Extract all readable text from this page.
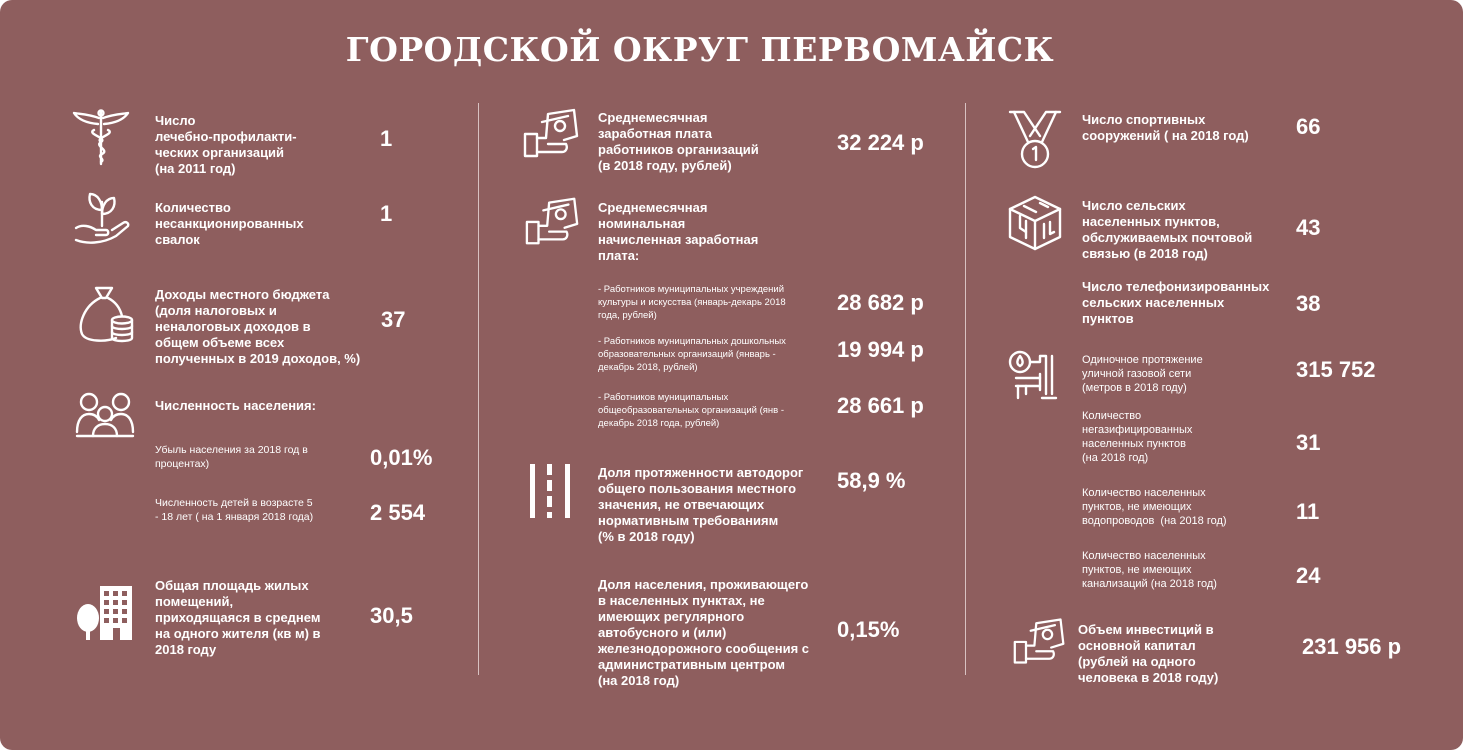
ГОРОДСКОЙ ОКРУГ ПЕРВОМАЙСК
Число
лечебно-профилакти-
ческих организаций
(на 2011 год)
1
Количество
несанкционированных
свалок
1
Доходы местного бюджета
(доля налоговых и
неналоговых доходов в
общем объеме всех
полученных в 2019 доходов, %)
37
Численность населения:
Убыль населения за 2018 год в
процентах)	0,01%
Численность детей в возрасте 5
- 18 лет ( на 1 января 2018 года)	2 554
Общая площадь жилых
помещений,
приходящаяся в среднем
на одного жителя (кв м) в
2018 году
30,5
Среднемесячная
заработная плата
работников организаций
(в 2018 году, рублей)
32 224 р
Среднемесячная
номинальная
начисленная заработная
плата:
- Работников муниципальных учреждений
культуры и искусства (январь-декарь 2018
года, рублей)
28 682 р
- Работников муниципальных дошкольных
образовательных организаций (январь -
декабрь 2018, рублей)
19 994 р
- Работников муниципальных
общеобразовательных организаций (янв -
декабрь 2018 года, рублей)
28 661 р
Доля протяженности автодорог
общего пользования местного
значения, не отвечающих
нормативным требованиям
(% в 2018 году)
58,9 %
Доля населения, проживающего
в населенных пунктах, не
имеющих регулярного
автобусного и (или)
железнодорожного сообщения с
административным центром
(на 2018 год)
0,15%
Число спортивных
сооружений ( на 2018 год) 66
Число сельских
населенных пунктов,
обслуживаемых почтовой
связью (в 2018 год)
43
Число телефонизированных
сельских населенных
пунктов
38
Одиночное протяжение
уличной газовой сети
(метров в 2018 году)
315 752
Количество
негазифицированных
населенных пунктов
(на 2018 год)
31
Количество населенных
пунктов, не имеющих
водопроводов  (на 2018 год)	11
Количество населенных
пунктов, не имеющих
канализаций (на 2018 год)	24
Объем инвестиций в
основной капитал
(рублей на одного
человека в 2018 году)
231 956 р
